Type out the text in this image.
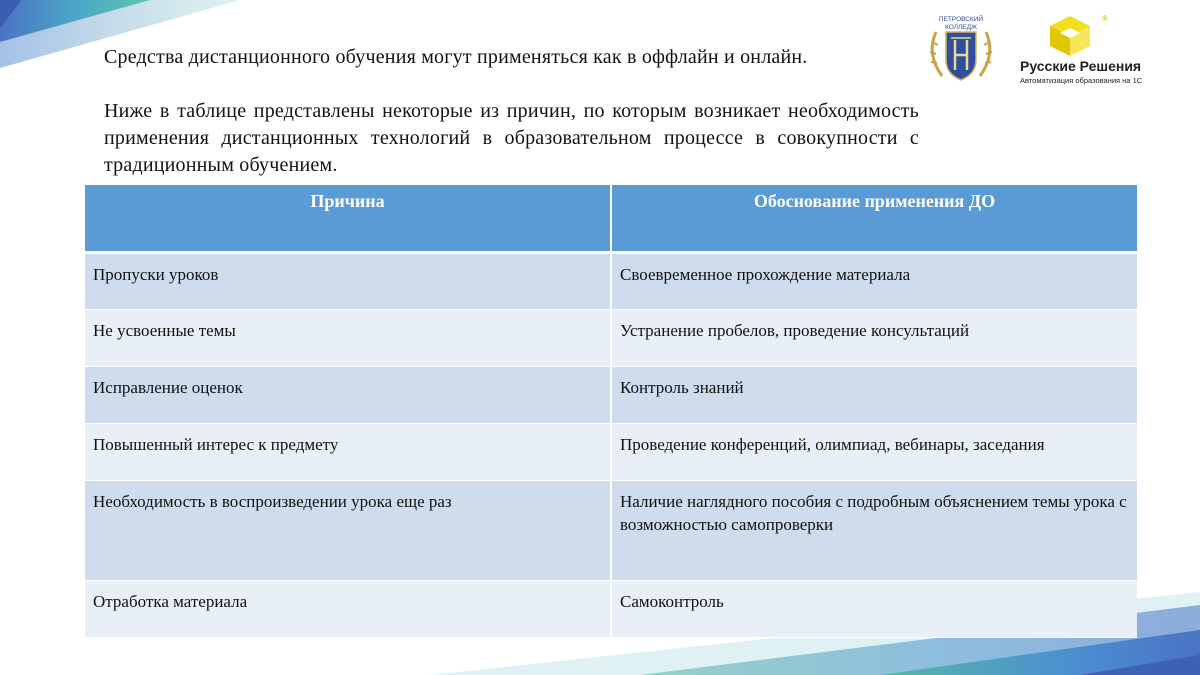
ПЕТРОВСКИЙ
КОЛЛЕДЖ
®
Русские Решения
Автоматизация образования на 1С

Средства дистанционного обучения могут применяться как в оффлайн и онлайн.

Ниже в таблице представлены некоторые из причин, по которым возникает необходимость применения дистанционных технологий в образовательном процессе в совокупности с традиционным обучением.

Причина	Обоснование применения ДО
Пропуски уроков	Своевременное прохождение материала
Не усвоенные темы	Устранение пробелов, проведение консультаций
Исправление оценок	Контроль знаний
Повышенный интерес к предмету	Проведение конференций, олимпиад, вебинары, заседания
Необходимость в воспроизведении урока еще раз	Наличие наглядного пособия с подробным объяснением темы урока с возможностью самопроверки
Отработка материала	Самоконтроль
